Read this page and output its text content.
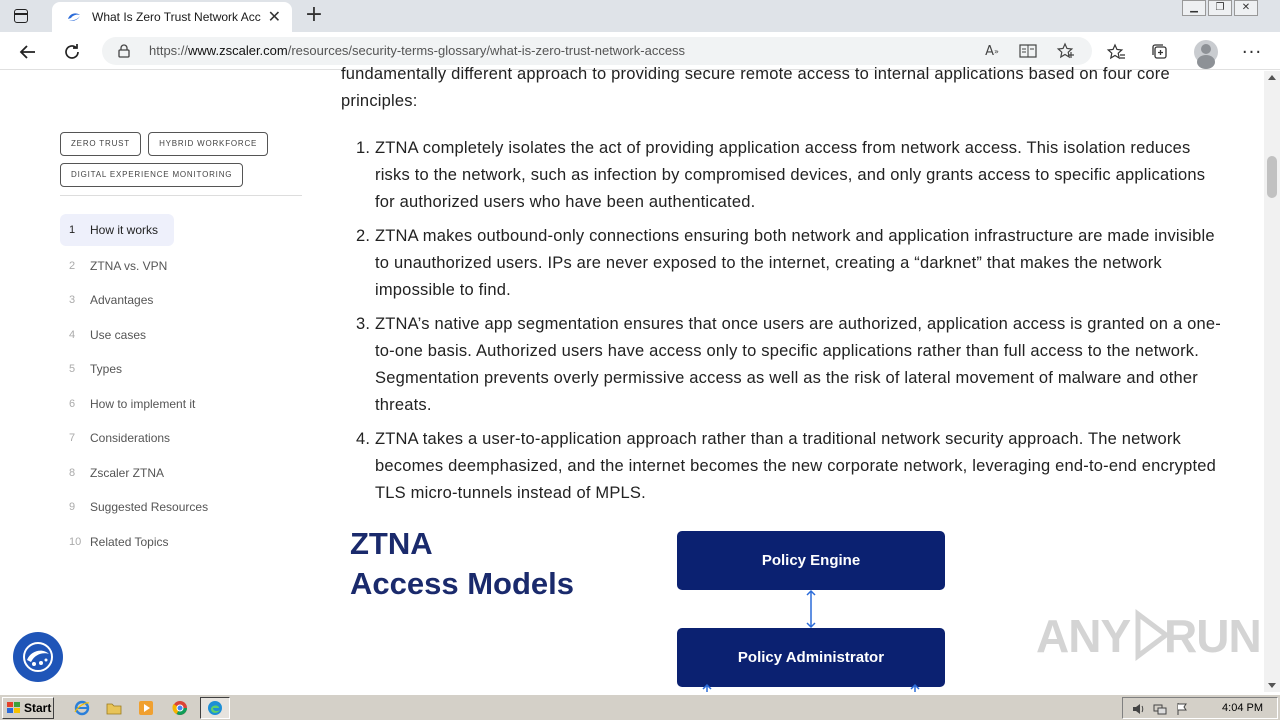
What Is Zero Trust Network Acc ✕ +	▁	❐	✕
https://www.zscaler.com/resources/security-terms-glossary/what-is-zero-trust-network-access	A »	···
ZERO TRUST	HYBRID WORKFORCE DIGITAL EXPERIENCE MONITORING
1	How it works
2	ZTNA vs. VPN
3	Advantages
4	Use cases
5	Types
6	How to implement it
7	Considerations
8	Zscaler ZTNA
9	Suggested Resources
10 Related Topics

fundamentally different approach to providing secure remote access to internal applications based on four core principles:

1. ZTNA completely isolates the act of providing application access from network access. This isolation reduces risks to the network, such as infection by compromised devices, and only grants access to specific applications for authorized users who have been authenticated.
2. ZTNA makes outbound-only connections ensuring both network and application infrastructure are made invisible to unauthorized users. IPs are never exposed to the internet, creating a “darknet” that makes the network impossible to find.
3. ZTNA’s native app segmentation ensures that once users are authorized, application access is granted on a one-to-one basis. Authorized users have access only to specific applications rather than full access to the network. Segmentation prevents overly permissive access as well as the risk of lateral movement of malware and other threats.
4. ZTNA takes a user-to-application approach rather than a traditional network security approach. The network becomes deemphasized, and the internet becomes the new corporate network, leveraging end-to-end encrypted TLS micro-tunnels instead of MPLS.
ZTNA
Access Models
Policy Engine
Policy Administrator	ANY RUN
Start	4:04 PM
